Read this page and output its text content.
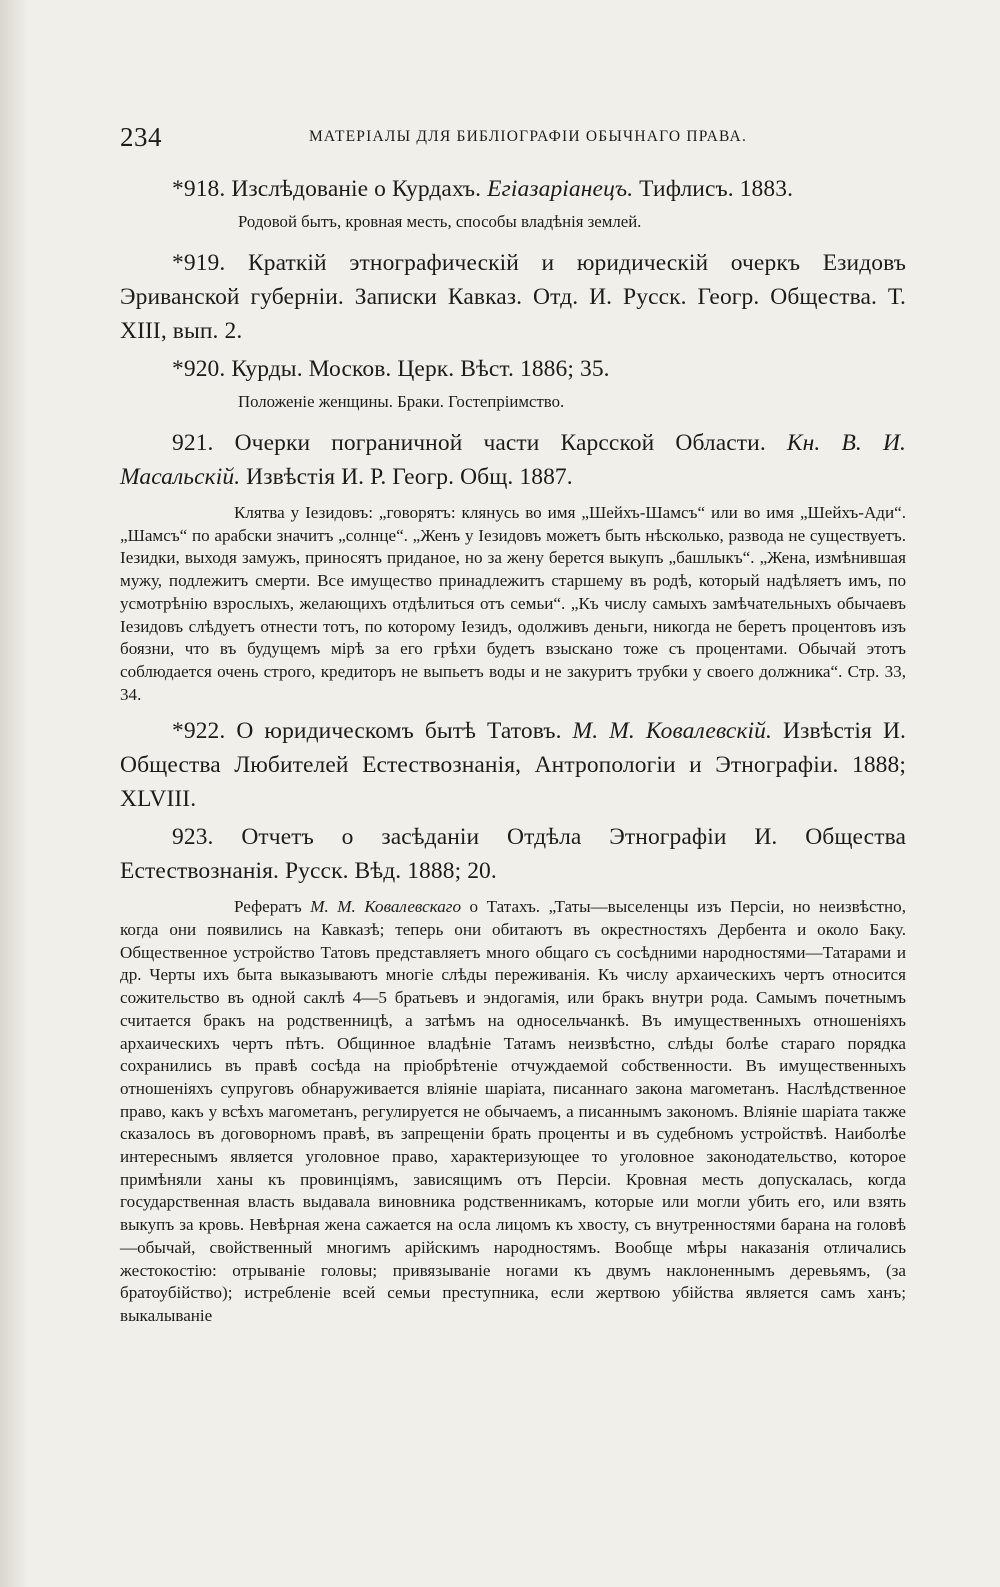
234	МАТЕРІАЛЫ ДЛЯ БИБЛІОГРАФІИ ОБЫЧНАГО ПРАВА.

*918. Изслѣдованіе о Курдахъ. Егіазаріанецъ. Тифлисъ. 1883.

Родовой бытъ, кровная месть, способы владѣнія землей.

*919. Краткій этнографическій и юридическій очеркъ Езидовъ Эриванской губерніи. Записки Кавказ. Отд. И. Русск. Геогр. Общества. Т. XIII, вып. 2.

*920. Курды. Москов. Церк. Вѣст. 1886; 35.

Положеніе женщины. Браки. Гостепріимство.

921. Очерки пограничной части Карсской Области. Кн. В. И. Масальскій. Извѣстія И. Р. Геогр. Общ. 1887.

Клятва у Іезидовъ: „говорятъ: клянусь во имя „Шейхъ-Шамсъ“ или во имя „Шейхъ-Ади“. „Шамсъ“ по арабски значитъ „солнце“. „Женъ у Іезидовъ можетъ быть нѣсколько, развода не существуетъ. Іезидки, выходя замужъ, приносятъ приданое, но за жену берется выкупъ „башлыкъ“. „Жена, измѣнившая мужу, подлежитъ смерти. Все имущество принадлежитъ старшему въ родѣ, который надѣляетъ имъ, по усмотрѣнію взрослыхъ, желающихъ отдѣлиться отъ семьи“. „Къ числу самыхъ замѣчательныхъ обычаевъ Іезидовъ слѣдуетъ отнести тотъ, по которому Іезидъ, одолживъ деньги, никогда не беретъ процентовъ изъ боязни, что въ будущемъ мірѣ за его грѣхи будетъ взыскано тоже съ процентами. Обычай этотъ соблюдается очень строго, кредиторъ не выпьетъ воды и не закуритъ трубки у своего должника“. Стр. 33, 34.

*922. О юридическомъ бытѣ Татовъ. М. М. Ковалевскій. Извѣстія И. Общества Любителей Естествознанія, Антропологіи и Этнографіи. 1888; XLVIII.

923. Отчетъ о засѣданіи Отдѣла Этнографіи И. Общества Естествознанія. Русск. Вѣд. 1888; 20.

Рефератъ М. М. Ковалевскаго о Татахъ. „Таты—выселенцы изъ Персіи, но неизвѣстно, когда они появились на Кавказѣ; теперь они обитаютъ въ окрестностяхъ Дербента и около Баку. Общественное устройство Татовъ представляетъ много общаго съ сосѣдними народностями—Татарами и др. Черты ихъ быта выказываютъ многіе слѣды переживанія. Къ числу архаическихъ чертъ относится сожительство въ одной саклѣ 4—5 братьевъ и эндогамія, или бракъ внутри рода. Самымъ почетнымъ считается бракъ на родственницѣ, а затѣмъ на односельчанкѣ. Въ имущественныхъ отношеніяхъ архаическихъ чертъ пѣтъ. Общинное владѣніе Татамъ неизвѣстно, слѣды болѣе стараго порядка сохранились въ правѣ сосѣда на пріобрѣтеніе отчуждаемой собственности. Въ имущественныхъ отношеніяхъ супруговъ обнаруживается вліяніе шаріата, писаннаго закона магометанъ. Наслѣдственное право, какъ у всѣхъ магометанъ, регулируется не обычаемъ, а писаннымъ закономъ. Вліяніе шаріата также сказалось въ договорномъ правѣ, въ запрещеніи брать проценты и въ судебномъ устройствѣ. Наиболѣе интереснымъ является уголовное право, характеризующее то уголовное законодательство, которое примѣняли ханы къ провинціямъ, зависящимъ отъ Персіи. Кровная месть допускалась, когда государственная власть выдавала виновника родственникамъ, которые или могли убить его, или взять выкупъ за кровь. Невѣрная жена сажается на осла лицомъ къ хвосту, съ внутренностями барана на головѣ—обычай, свойственный многимъ арійскимъ народностямъ. Вообще мѣры наказанія отличались жестокостію: отрываніе головы; привязываніе ногами къ двумъ наклоненнымъ деревьямъ, (за братоубійство); истребленіе всей семьи преступника, если жертвою убійства является самъ ханъ; выкалываніе
